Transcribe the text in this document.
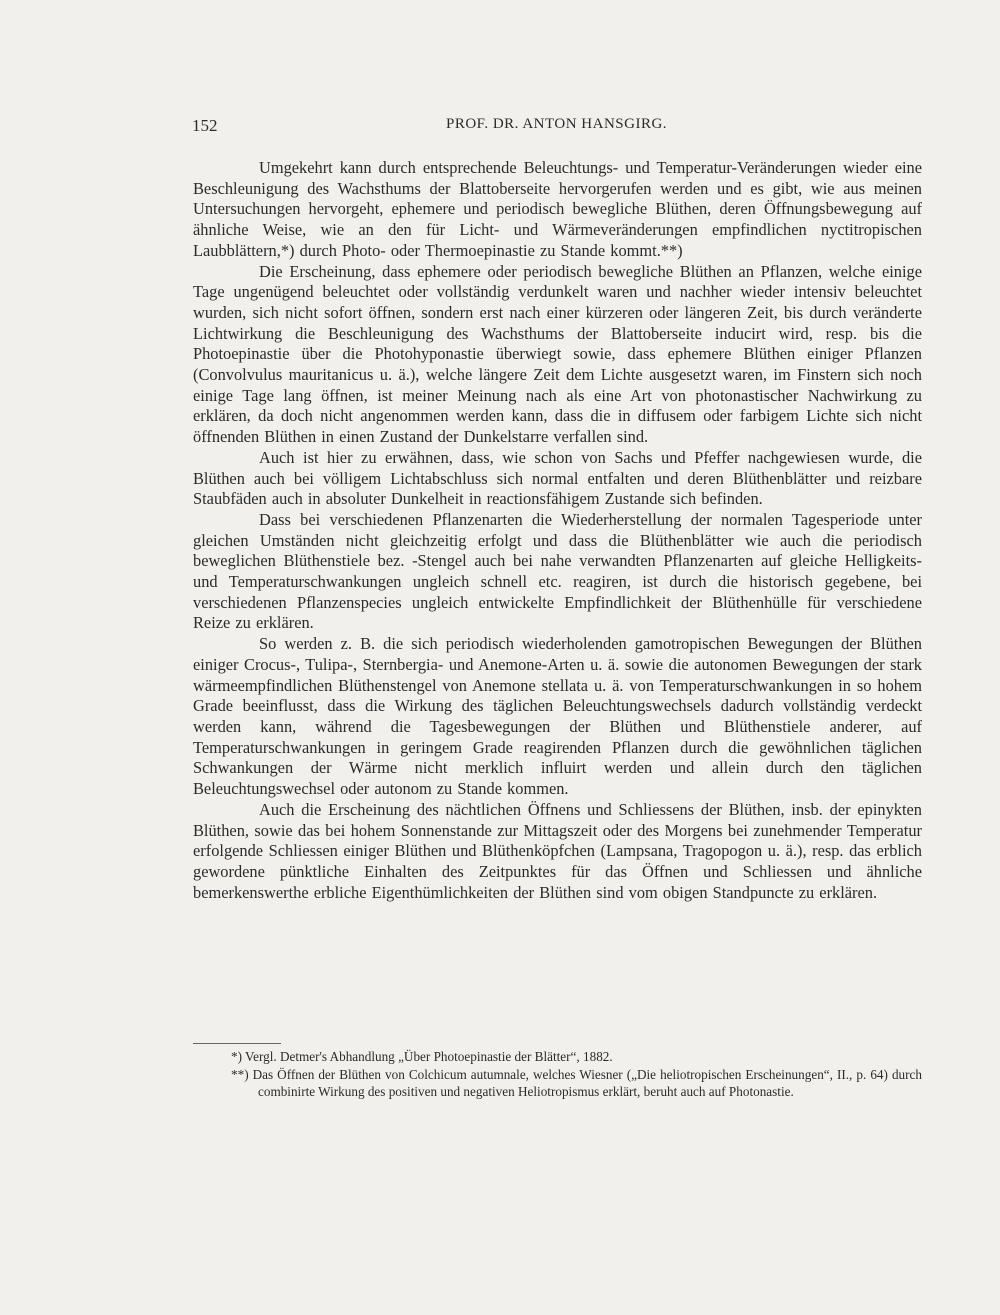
152	PROF. DR. ANTON HANSGIRG.

Umgekehrt kann durch entsprechende Beleuchtungs- und Temperatur-Veränderungen wieder eine Beschleunigung des Wachsthums der Blattoberseite hervorgerufen werden und es gibt, wie aus meinen Untersuchungen hervorgeht, ephemere und periodisch bewegliche Blüthen, deren Öffnungsbewegung auf ähnliche Weise, wie an den für Licht- und Wärmeveränderungen empfindlichen nyctitropischen Laubblättern,*) durch Photo- oder Thermoepinastie zu Stande kommt.**)

Die Erscheinung, dass ephemere oder periodisch bewegliche Blüthen an Pflanzen, welche einige Tage ungenügend beleuchtet oder vollständig verdunkelt waren und nachher wieder intensiv beleuchtet wurden, sich nicht sofort öffnen, sondern erst nach einer kürzeren oder längeren Zeit, bis durch veränderte Lichtwirkung die Beschleunigung des Wachsthums der Blattoberseite inducirt wird, resp. bis die Photoepinastie über die Photohyponastie überwiegt sowie, dass ephemere Blüthen einiger Pflanzen (Convolvulus mauritanicus u. ä.), welche längere Zeit dem Lichte ausgesetzt waren, im Finstern sich noch einige Tage lang öffnen, ist meiner Meinung nach als eine Art von photonastischer Nachwirkung zu erklären, da doch nicht angenommen werden kann, dass die in diffusem oder farbigem Lichte sich nicht öffnenden Blüthen in einen Zustand der Dunkelstarre verfallen sind.

Auch ist hier zu erwähnen, dass, wie schon von Sachs und Pfeffer nachgewiesen wurde, die Blüthen auch bei völligem Lichtabschluss sich normal entfalten und deren Blüthenblätter und reizbare Staubfäden auch in absoluter Dunkelheit in reactionsfähigem Zustande sich befinden.

Dass bei verschiedenen Pflanzenarten die Wiederherstellung der normalen Tagesperiode unter gleichen Umständen nicht gleichzeitig erfolgt und dass die Blüthenblätter wie auch die periodisch beweglichen Blüthenstiele bez. -Stengel auch bei nahe verwandten Pflanzenarten auf gleiche Helligkeits- und Temperaturschwankungen ungleich schnell etc. reagiren, ist durch die historisch gegebene, bei verschiedenen Pflanzenspecies ungleich entwickelte Empfindlichkeit der Blüthenhülle für verschiedene Reize zu erklären.

So werden z. B. die sich periodisch wiederholenden gamotropischen Bewegungen der Blüthen einiger Crocus-, Tulipa-, Sternbergia- und Anemone-Arten u. ä. sowie die autonomen Bewegungen der stark wärmeempfindlichen Blüthenstengel von Anemone stellata u. ä. von Temperaturschwankungen in so hohem Grade beeinflusst, dass die Wirkung des täglichen Beleuchtungswechsels dadurch vollständig verdeckt werden kann, während die Tagesbewegungen der Blüthen und Blüthenstiele anderer, auf Temperaturschwankungen in geringem Grade reagirenden Pflanzen durch die gewöhnlichen täglichen Schwankungen der Wärme nicht merklich influirt werden und allein durch den täglichen Beleuchtungswechsel oder autonom zu Stande kommen.

Auch die Erscheinung des nächtlichen Öffnens und Schliessens der Blüthen, insb. der epinykten Blüthen, sowie das bei hohem Sonnenstande zur Mittagszeit oder des Morgens bei zunehmender Temperatur erfolgende Schliessen einiger Blüthen und Blüthenköpfchen (Lampsana, Tragopogon u. ä.), resp. das erblich gewordene pünktliche Einhalten des Zeitpunktes für das Öffnen und Schliessen und ähnliche bemerkenswerthe erbliche Eigenthümlichkeiten der Blüthen sind vom obigen Standpuncte zu erklären.

*) Vergl. Detmer's Abhandlung „Über Photoepinastie der Blätter“, 1882.

**) Das Öffnen der Blüthen von Colchicum autumnale, welches Wiesner („Die heliotropischen Erscheinungen“, II., p. 64) durch combinirte Wirkung des positiven und negativen Heliotropismus erklärt, beruht auch auf Photonastie.
